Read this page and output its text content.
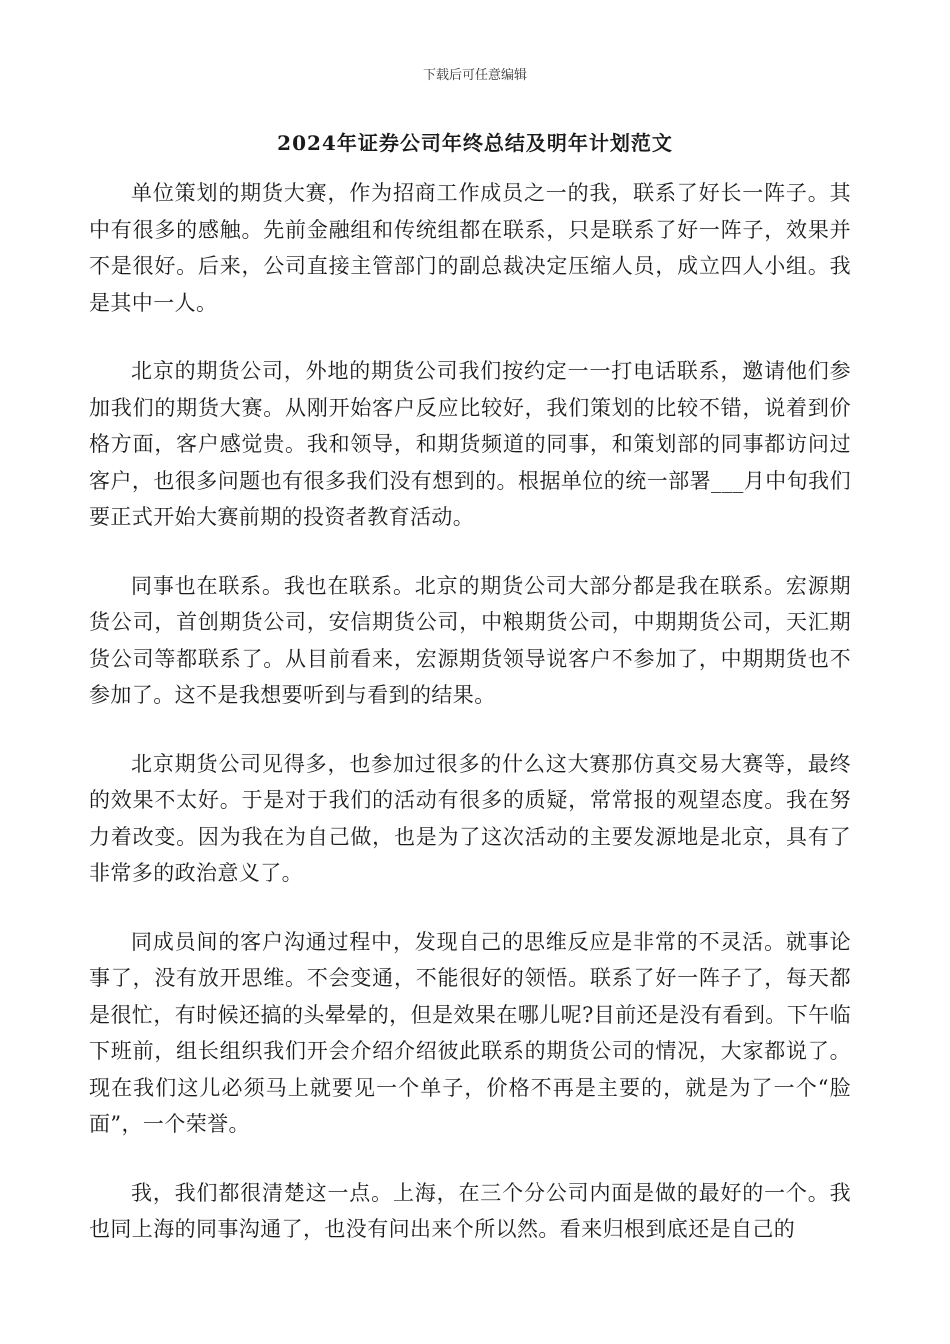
下载后可任意编辑
2024年证券公司年终总结及明年计划范文

单位策划的期货大赛，作为招商工作成员之一的我，联系了好长一阵子。其中有很多的感触。先前金融组和传统组都在联系，只是联系了好一阵子，效果并不是很好。后来，公司直接主管部门的副总裁决定压缩人员，成立四人小组。我是其中一人。

北京的期货公司，外地的期货公司我们按约定一一打电话联系，邀请他们参加我们的期货大赛。从刚开始客户反应比较好，我们策划的比较不错，说着到价格方面，客户感觉贵。我和领导，和期货频道的同事，和策划部的同事都访问过客户，也很多问题也有很多我们没有想到的。根据单位的统一部署___月中旬我们要正式开始大赛前期的投资者教育活动。

同事也在联系。我也在联系。北京的期货公司大部分都是我在联系。宏源期货公司，首创期货公司，安信期货公司，中粮期货公司，中期期货公司，天汇期货公司等都联系了。从目前看来，宏源期货领导说客户不参加了，中期期货也不参加了。这不是我想要听到与看到的结果。

北京期货公司见得多，也参加过很多的什么这大赛那仿真交易大赛等，最终的效果不太好。于是对于我们的活动有很多的质疑，常常报的观望态度。我在努力着改变。因为我在为自己做，也是为了这次活动的主要发源地是北京，具有了非常多的政治意义了。

同成员间的客户沟通过程中，发现自己的思维反应是非常的不灵活。就事论事了，没有放开思维。不会变通，不能很好的领悟。联系了好一阵子了，每天都是很忙，有时候还搞的头晕晕的，但是效果在哪儿呢?目前还是没有看到。下午临下班前，组长组织我们开会介绍介绍彼此联系的期货公司的情况，大家都说了。现在我们这儿必须马上就要见一个单子，价格不再是主要的，就是为了一个“脸面”，一个荣誉。

我，我们都很清楚这一点。上海，在三个分公司内面是做的最好的一个。我也同上海的同事沟通了，也没有问出来个所以然。看来归根到底还是自己的
